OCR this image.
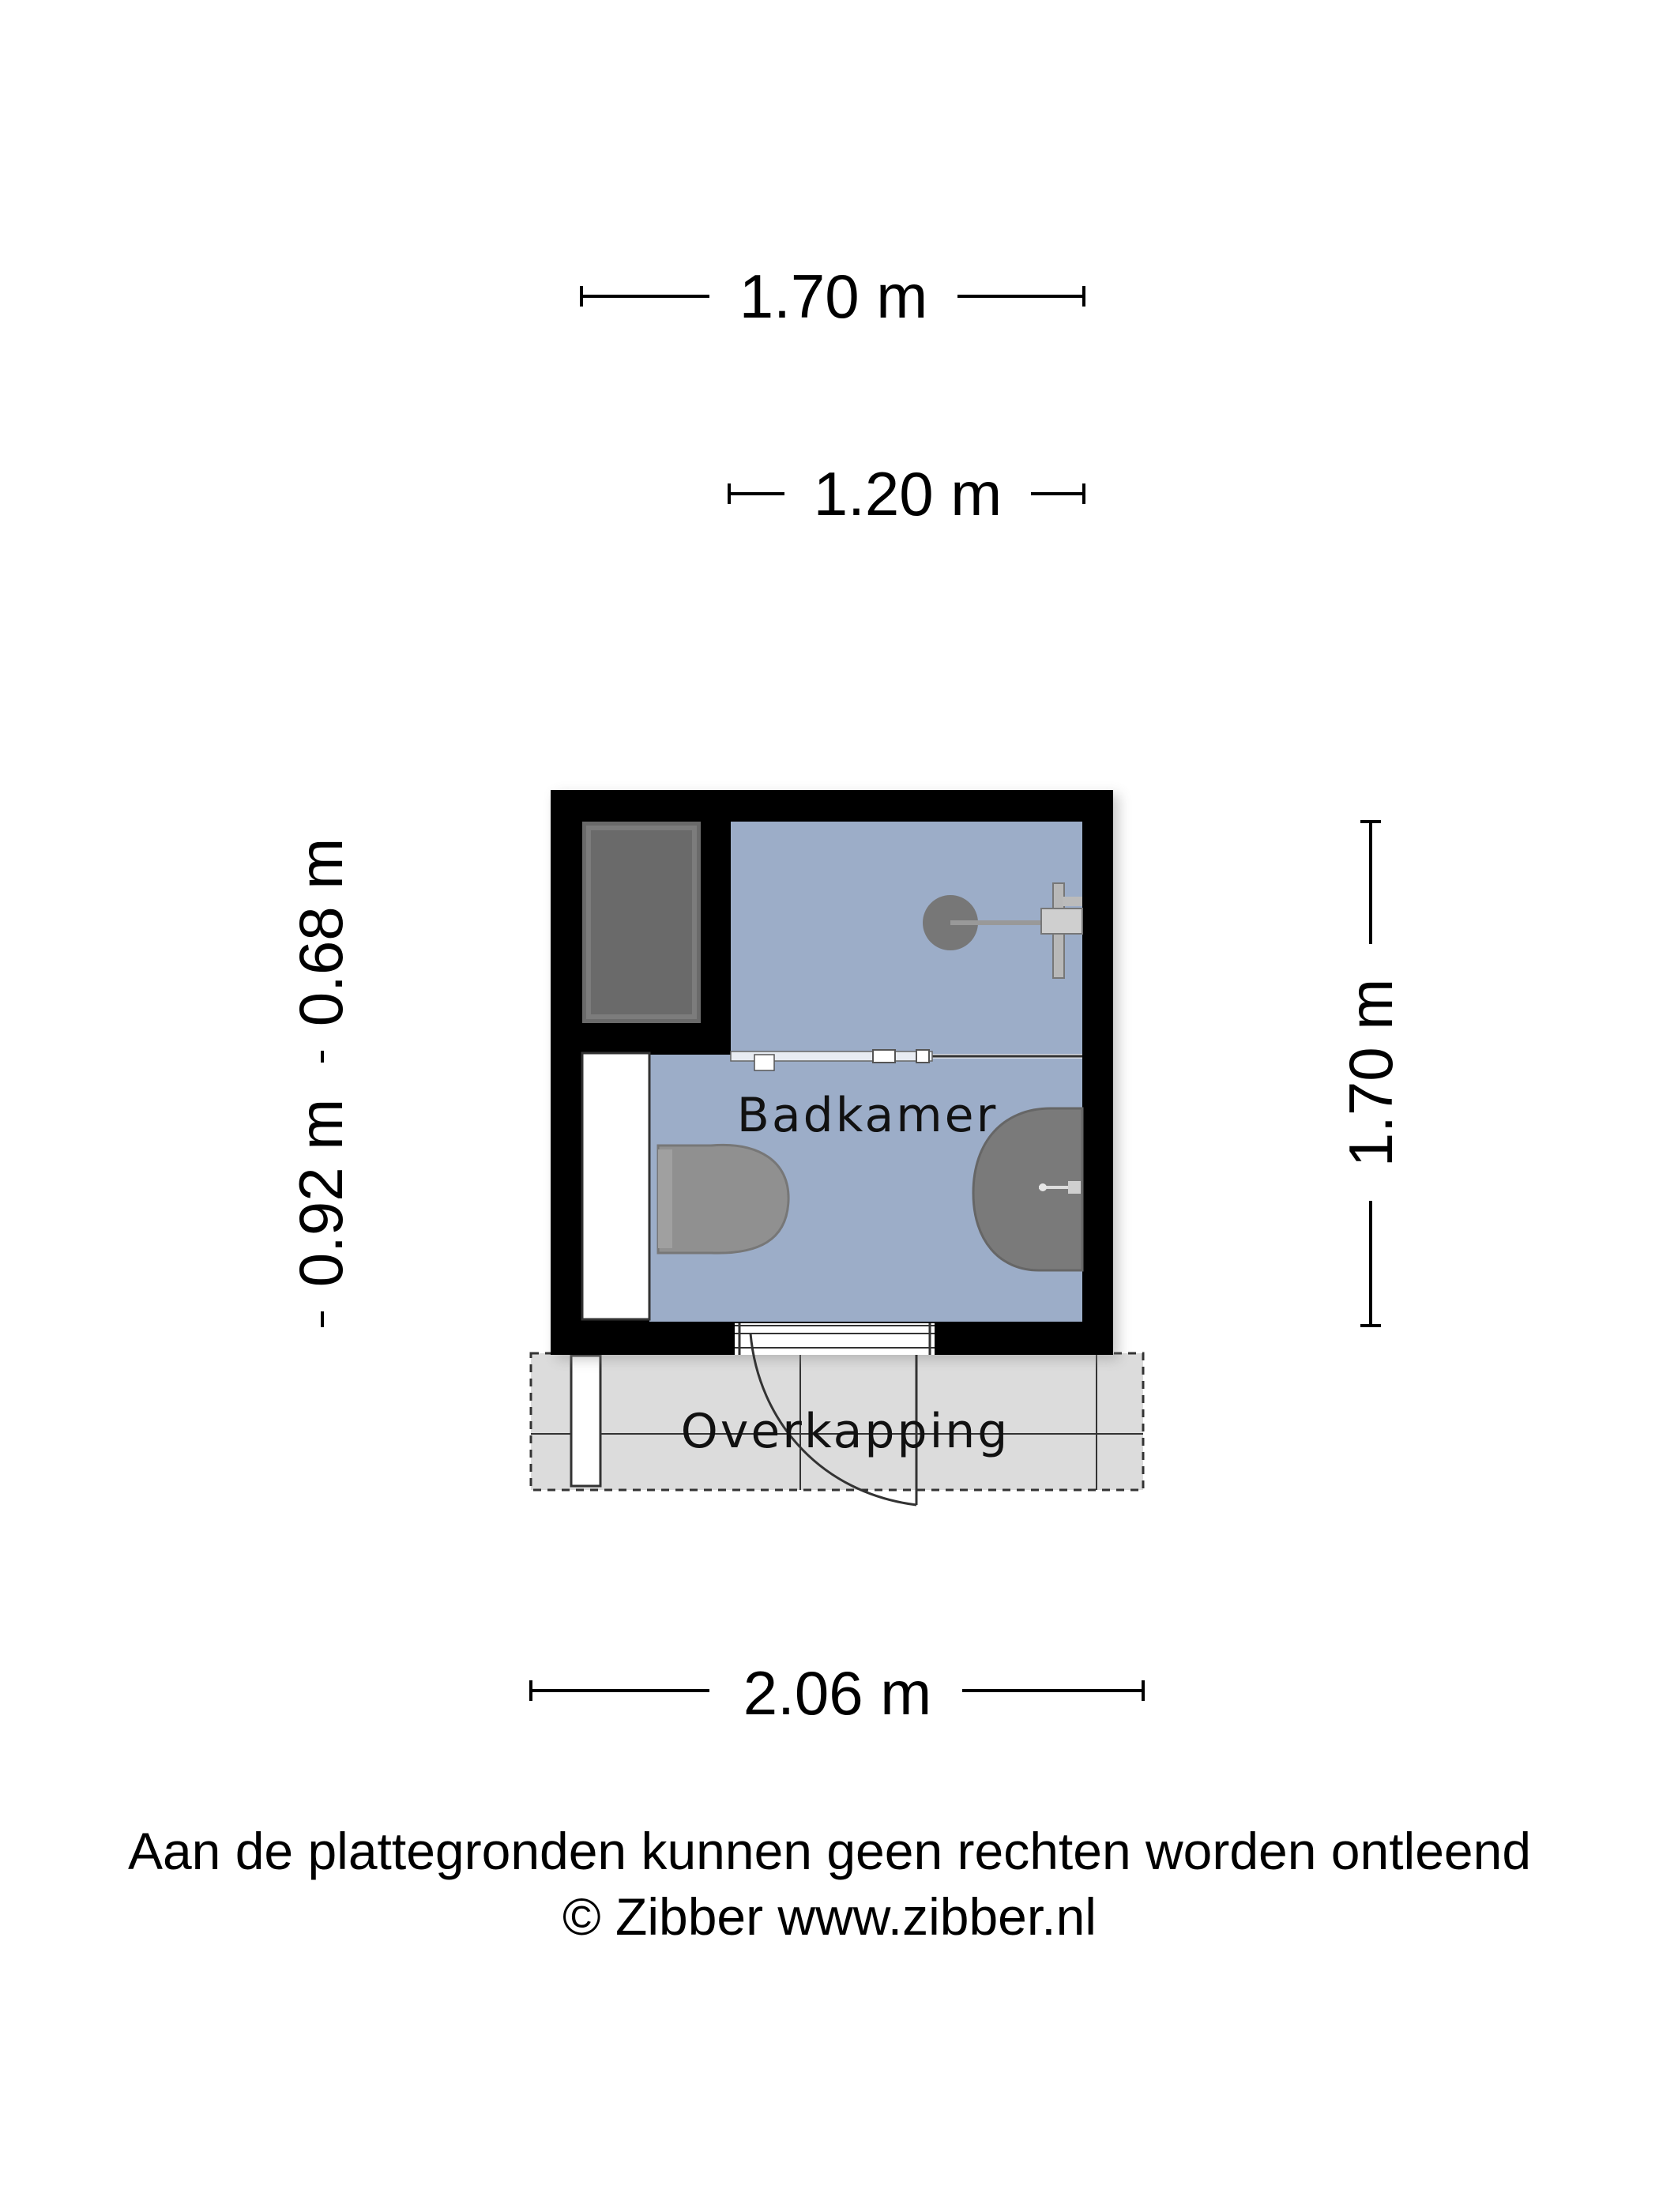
1.70 m
1.20 m
0.92 m
0.68 m
1.70 m
Badkamer
Overkapping
2.06 m
Aan de plattegronden kunnen geen rechten worden ontleend
© Zibber www.zibber.nl
